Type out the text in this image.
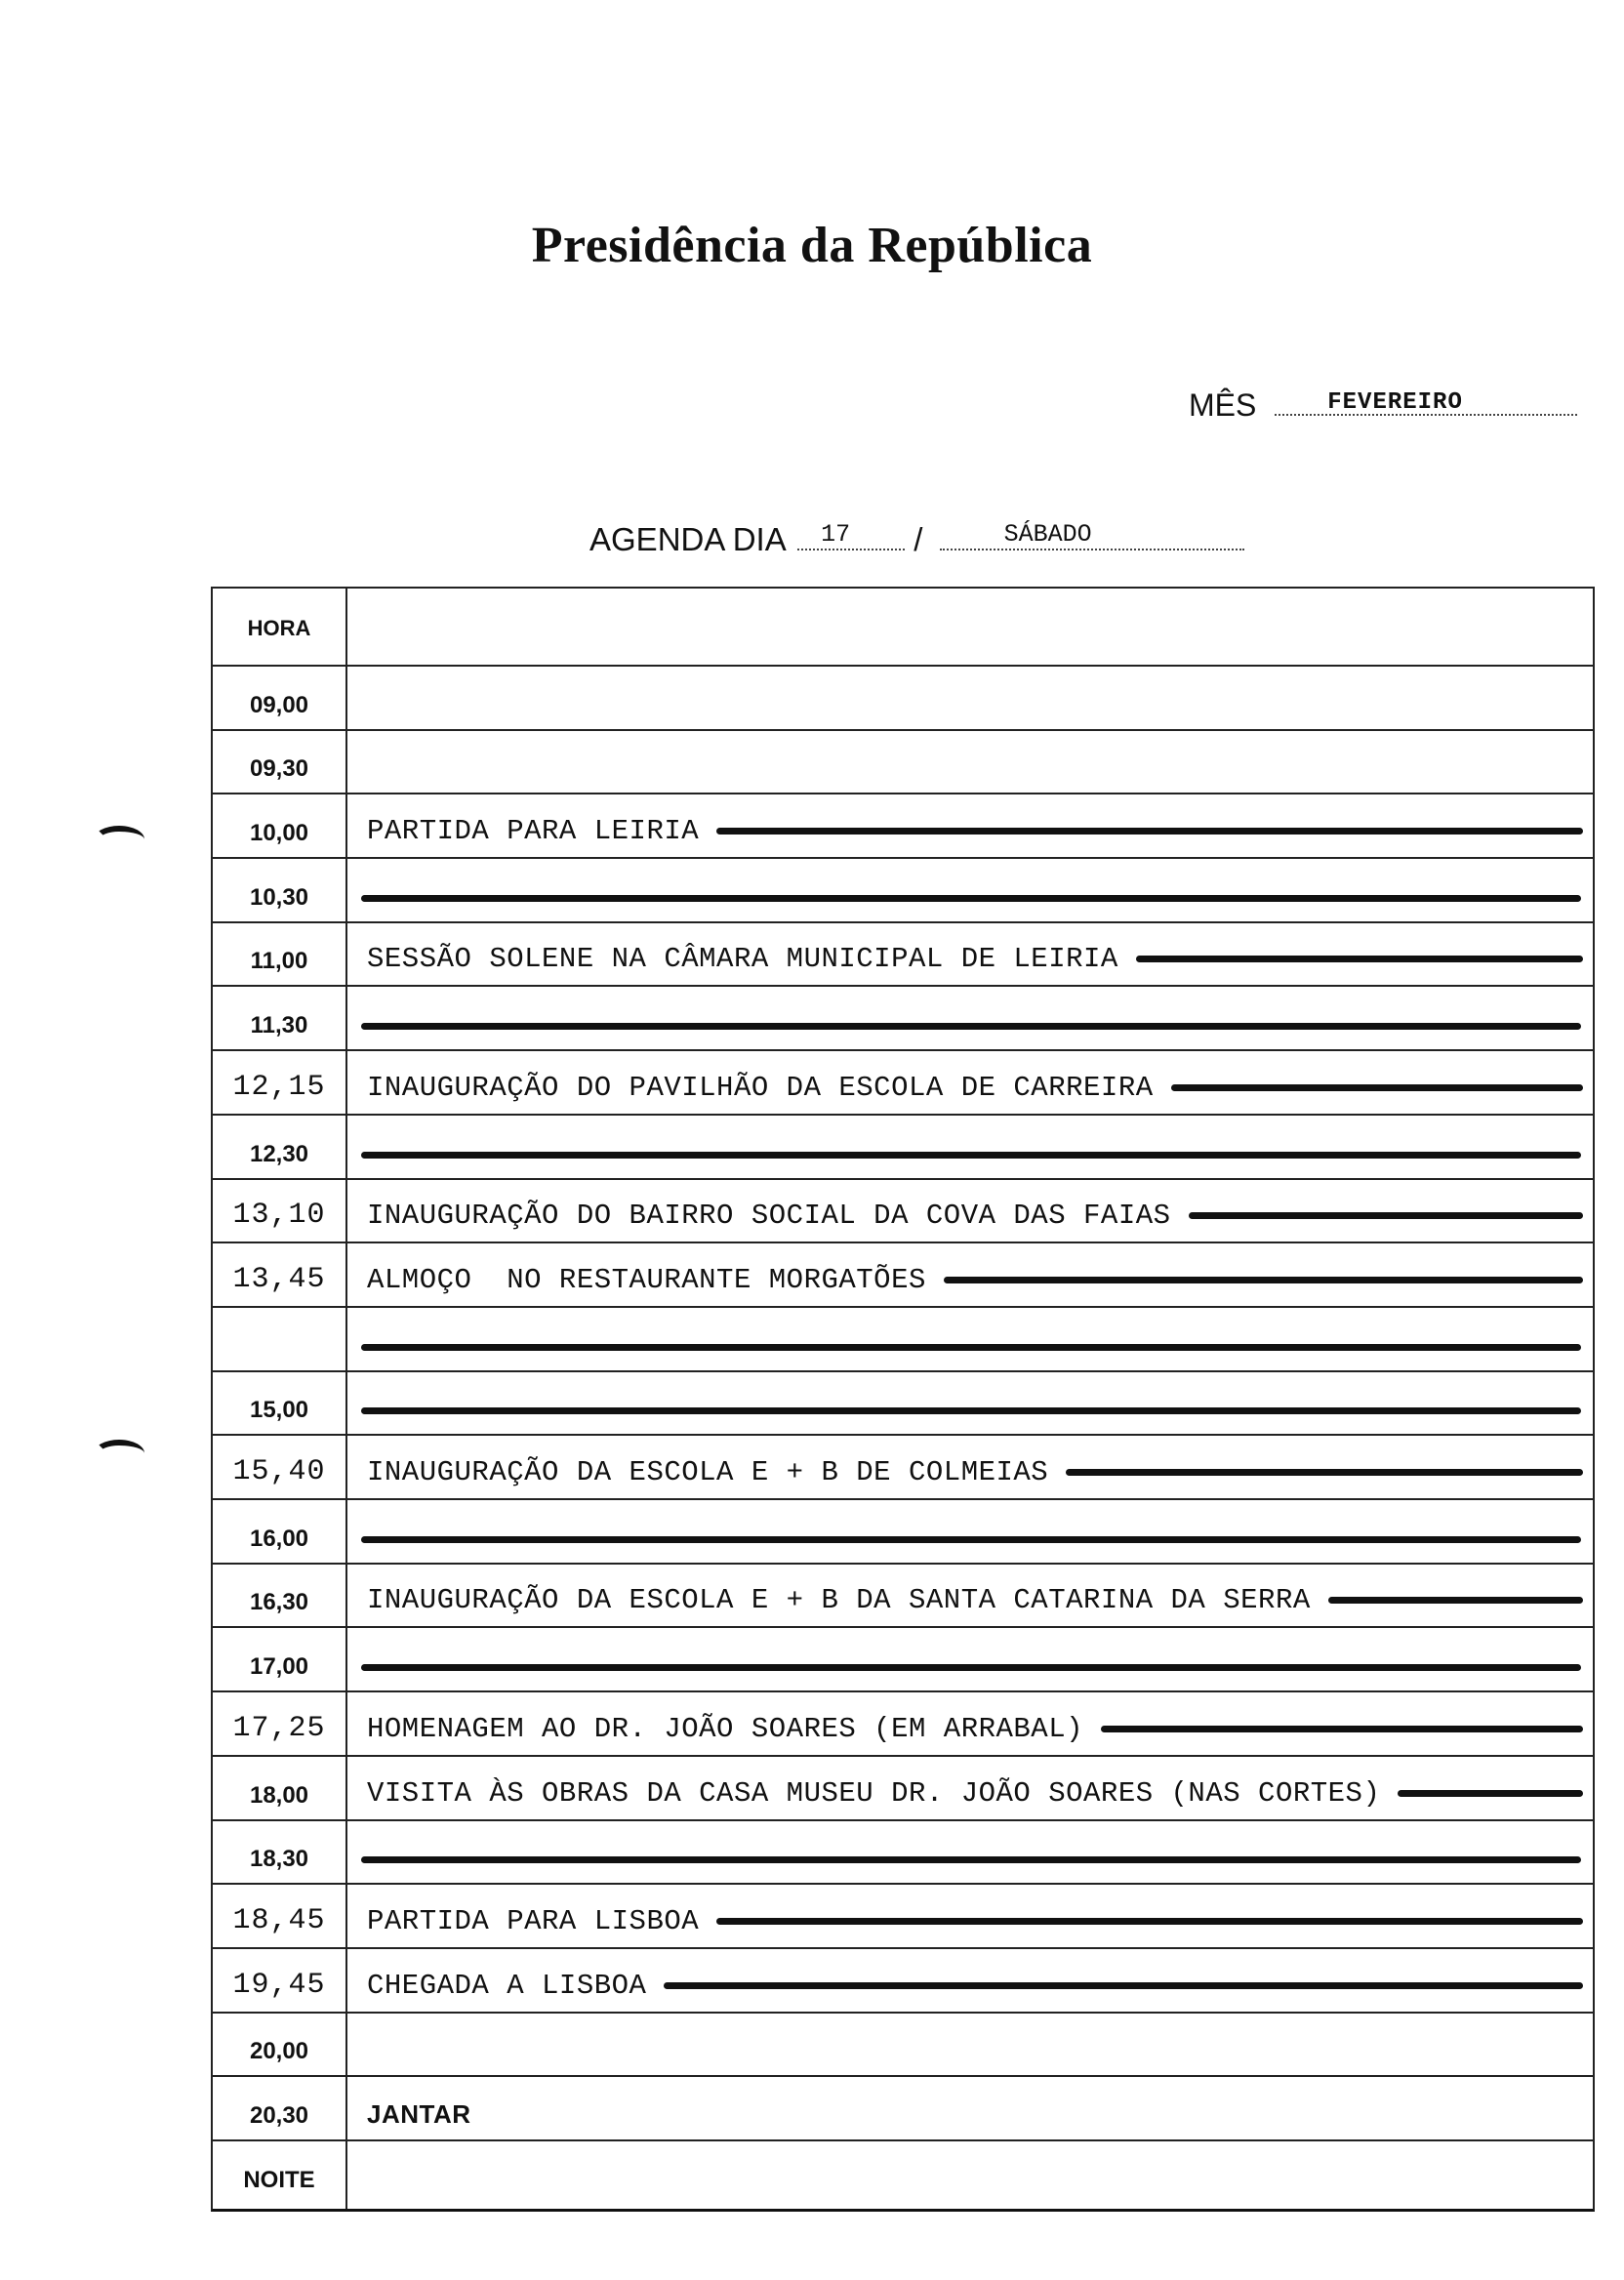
Presidência da República
MÊS	FEVEREIRO
AGENDA DIA 17 /	SÁBADO
HORA
09,00
09,30
10,00	PARTIDA PARA LEIRIA
10,30
11,00	SESSÃO SOLENE NA CÂMARA MUNICIPAL DE LEIRIA
11,30
12,15	INAUGURAÇÃO DO PAVILHÃO DA ESCOLA DE CARREIRA
12,30
13,10	INAUGURAÇÃO DO BAIRRO SOCIAL DA COVA DAS FAIAS
13,45	ALMOÇO  NO RESTAURANTE MORGATÕES
15,00
15,40	INAUGURAÇÃO DA ESCOLA E + B DE COLMEIAS
16,00
16,30	INAUGURAÇÃO DA ESCOLA E + B DA SANTA CATARINA DA SERRA
17,00
17,25	HOMENAGEM AO DR. JOÃO SOARES (EM ARRABAL)
18,00	VISITA ÀS OBRAS DA CASA MUSEU DR. JOÃO SOARES (NAS CORTES)
18,30
18,45	PARTIDA PARA LISBOA
19,45	CHEGADA A LISBOA
20,00
20,30	JANTAR
NOITE
